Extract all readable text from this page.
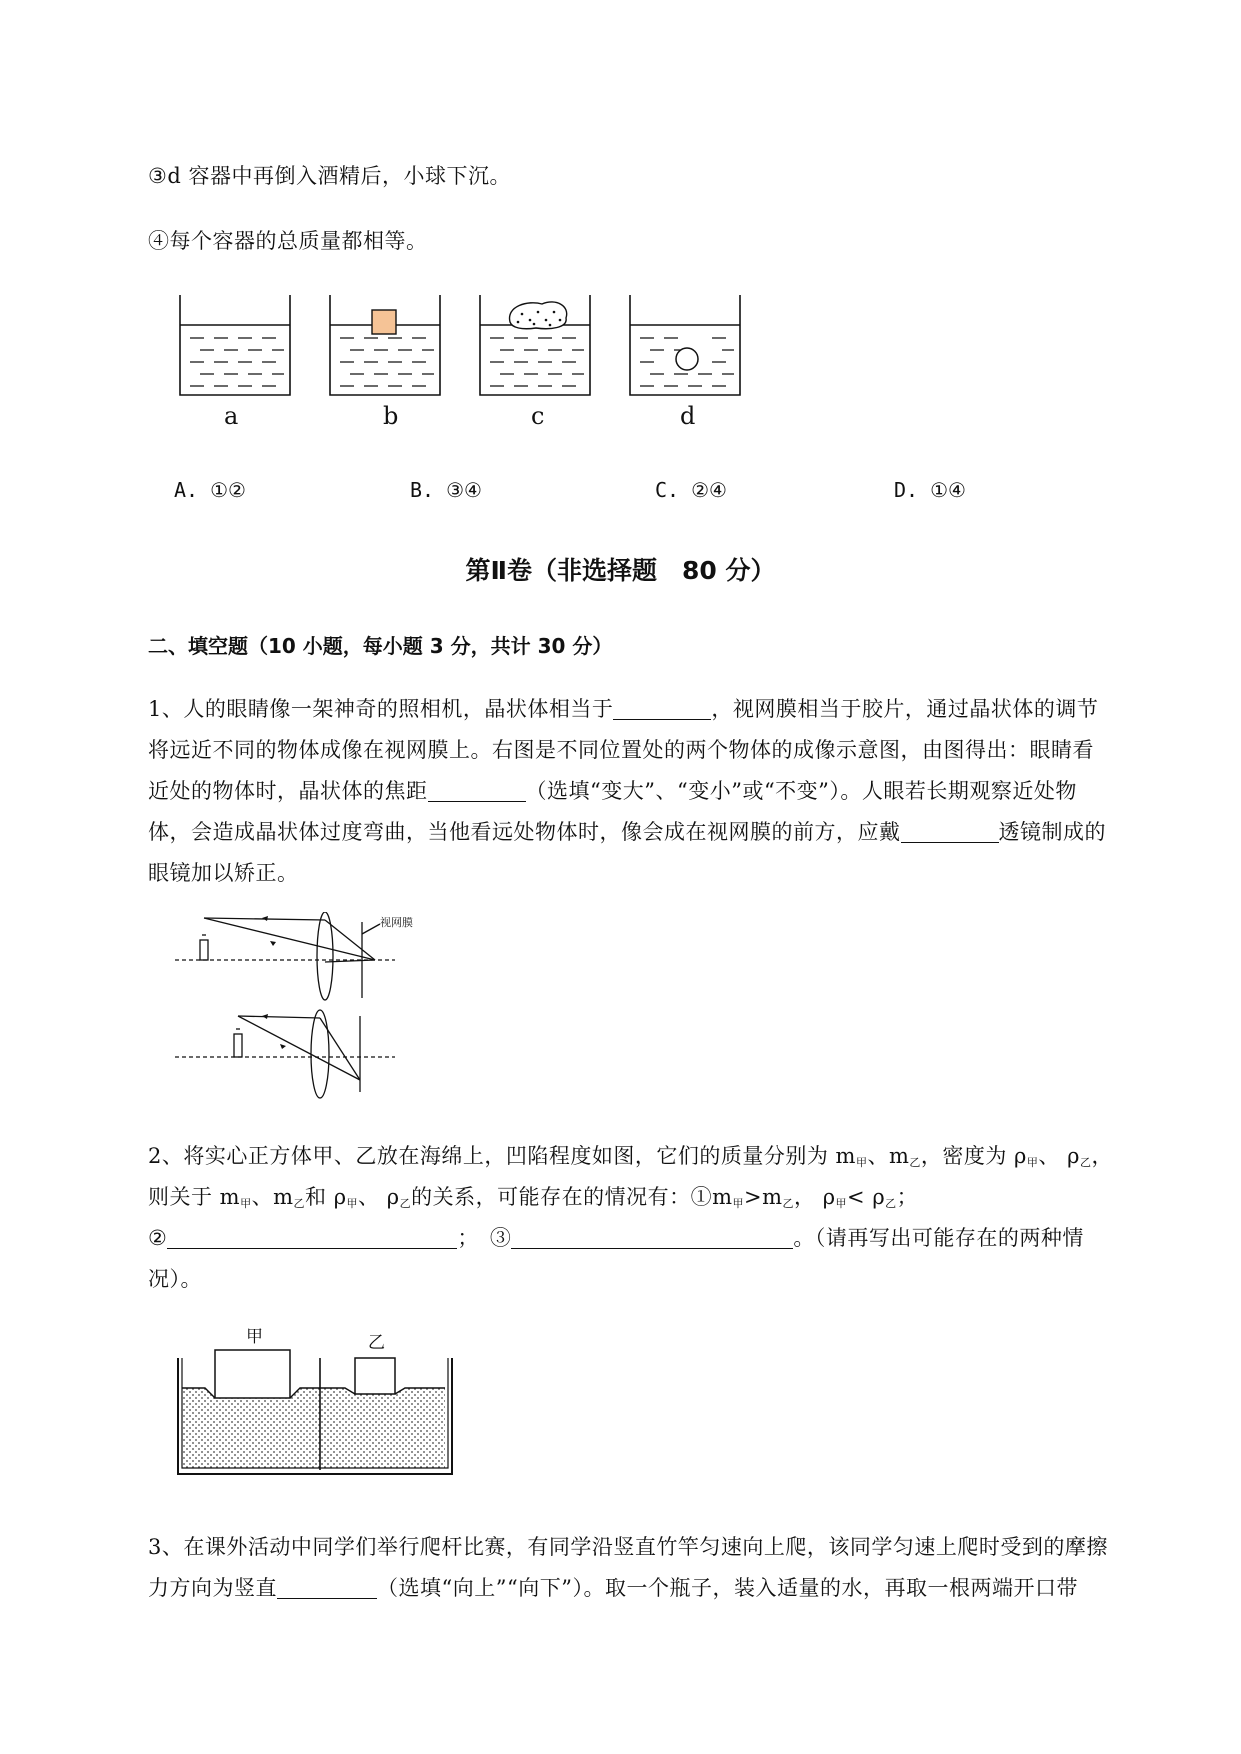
③d 容器中再倒入酒精后，小球下沉。
④每个容器的总质量都相等。
a	b	c	d
A. ①②	B. ③④	C. ②④	D. ①④
第Ⅱ卷（非选择题　80 分）
二、填空题（10 小题，每小题 3 分，共计 30 分）
1、人的眼睛像一架神奇的照相机，晶状体相当于	，视网膜相当于胶片，通过晶状体的调节
将远近不同的物体成像在视网膜上。右图是不同位置处的两个物体的成像示意图，由图得出：眼睛看
近处的物体时，晶状体的焦距	（选填“变大”、“变小”或“不变”）。人眼若长期观察近处物
体，会造成晶状体过度弯曲，当他看远处物体时，像会成在视网膜的前方，应戴	透镜制成的
眼镜加以矫正。
视网膜
2、将实心正方体甲、乙放在海绵上，凹陷程度如图，它们的质量分别为 $m_甲$、$m_乙$，密度为 $\rho_甲$、 $\rho_乙$，
则关于 $m_甲$、$m_乙$和 $\rho_甲$、 $\rho_乙$的关系，可能存在的情况有：$①m_甲>m_乙$， $\rho_甲< \rho_乙$；
②	；　③	。（请再写出可能存在的两种情
况）。
甲	乙
3、在课外活动中同学们举行爬杆比赛，有同学沿竖直竹竿匀速向上爬，该同学匀速上爬时受到的摩擦
力方向为竖直	（选填“向上”“向下”）。取一个瓶子，装入适量的水，再取一根两端开口带
